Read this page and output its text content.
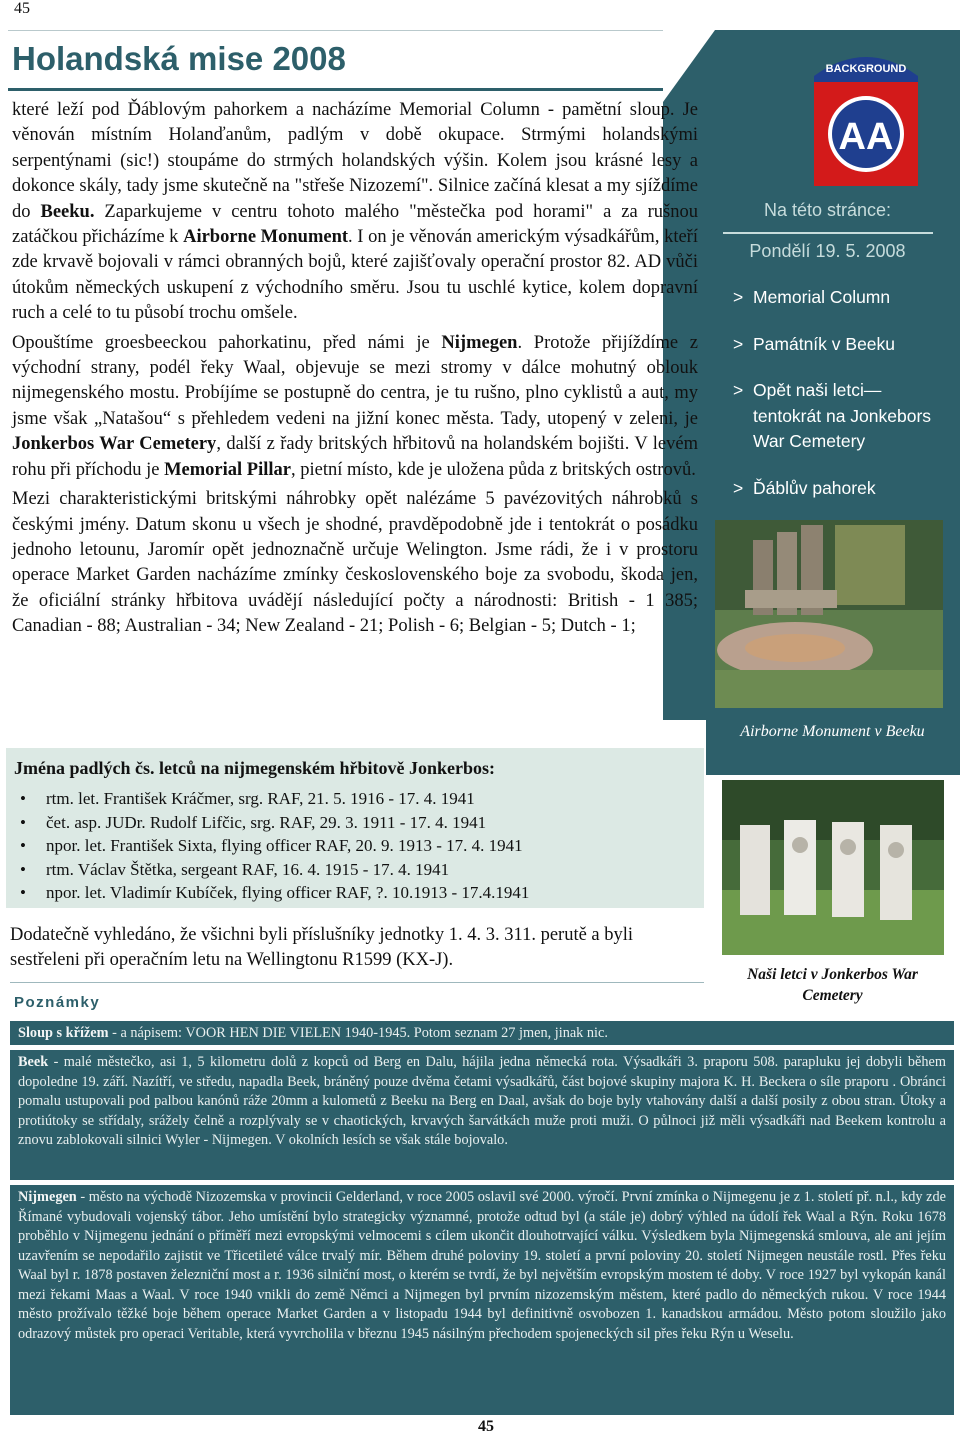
45
Holandská mise 2008	BACKGROUND
AA
Na této stránce:
Pondělí 19. 5. 2008
> Memorial Column
> Památník v Beeku
> Opět naši letci— tentokrát na Jonkebors War Cemetery
> Ďáblův pahorek
Airborne Monument v Beeku
Naši letci v Jonkerbos War Cemetery

které leží pod Ďáblovým pahorkem a nacházíme Memorial Column - pamětní sloup. Je věnován místním Holanďanům, padlým v době okupace. Strmými holandskými serpentýnami (sic!) stoupáme do strmých holandských výšin. Kolem jsou krásné lesy a dokonce skály, tady jsme skutečně na "střeše Nizozemí". Silnice začíná klesat a my sjíždíme do Beeku. Zaparkujeme v centru tohoto malého "městečka pod horami" a za rušnou zatáčkou přicházíme k Airborne Monument. I on je věnován americkým výsadkářům, kteří zde krvavě bojovali v rámci obranných bojů, které zajišťovaly operační prostor 82. AD vůči útokům německých uskupení z východního směru. Jsou tu uschlé kytice, kolem dopravní ruch a celé to tu působí trochu omšele.

Opouštíme groesbeeckou pahorkatinu, před námi je Nijmegen. Protože přijíždíme z východní strany, podél řeky Waal, objevuje se mezi stromy v dálce mohutný oblouk nijmegenského mostu. Probíjíme se postupně do centra, je tu rušno, plno cyklistů a aut, my jsme však „Natašou“ s přehledem vedeni na jižní konec města. Tady, utopený v zeleni, je Jonkerbos War Cemetery, další z řady britských hřbitovů na holandském bojišti. V levém rohu při příchodu je Memorial Pillar, pietní místo, kde je uložena půda z britských ostrovů.

Mezi charakteristickými britskými náhrobky opět nalézáme 5 pavézovitých náhrobků s českými jmény. Datum skonu u všech je shodné, pravděpodobně jde i tentokrát o posádku jednoho letounu, Jaromír opět jednoznačně určuje Welington. Jsme rádi, že i v prostoru operace Market Garden nacházíme zmínky československého boje za svobodu, škoda jen, že oficiální stránky hřbitova uvádějí následující počty a národnosti: British - 1 385; Canadian - 88; Australian - 34; New Zealand - 21; Polish - 6; Belgian - 5; Dutch - 1;

Jména padlých čs. letců na nijmegenském hřbitově Jonkerbos:
• rtm. let. František Kráčmer, srg. RAF, 21. 5. 1916 - 17. 4. 1941
• čet. asp. JUDr. Rudolf Lifčic, srg. RAF, 29. 3. 1911 - 17. 4. 1941
• npor. let. František Sixta, flying officer RAF, 20. 9. 1913 - 17. 4. 1941
• rtm. Václav Štětka, sergeant RAF, 16. 4. 1915 - 17. 4. 1941
• npor. let. Vladimír Kubíček, flying officer RAF, ?. 10.1913 - 17.4.1941
Dodatečně vyhledáno, že všichni byli příslušníky jednotky 1. 4. 3. 311. perutě a byli sestřeleni při operačním letu na Wellingtonu R1599 (KX-J).
Poznámky
Sloup s křížem - a nápisem: VOOR HEN DIE VIELEN 1940-1945. Potom seznam 27 jmen, jinak nic.
Beek - malé městečko, asi 1, 5 kilometru dolů z kopců od Berg en Dalu, hájila jedna německá rota. Výsadkáři 3. praporu 508. parapluku jej dobyli během dopoledne 19. září. Nazítří, ve středu, napadla Beek, bráněný pouze dvěma četami výsadkářů, část bojové skupiny majora K. H. Beckera o síle praporu . Obránci pomalu ustupovali pod palbou kanónů ráže 20mm a kulometů z Beeku na Berg en Daal, avšak do boje byly vtahovány další a další posily z obou stran. Útoky a protiútoky se střídaly, srážely čelně a rozplývaly se v chaotických, krvavých šarvátkách muže proti muži. O půlnoci již měli výsadkáři nad Beekem kontrolu a znovu zablokovali silnici Wyler - Nijmegen. V okolních lesích se však stále bojovalo.
Nijmegen - město na východě Nizozemska v provincii Gelderland, v roce 2005 oslavil své 2000. výročí. První zmínka o Nijmegenu je z 1. století př. n.l., kdy zde Římané vybudovali vojenský tábor. Jeho umístění bylo strategicky významné, protože odtud byl (a stále je) dobrý výhled na údolí řek Waal a Rýn. Roku 1678 proběhlo v Nijmegenu jednání o příměří mezi evropskými velmocemi s cílem ukončit dlouhotrvající válku. Výsledkem byla Nijmegenská smlouva, ale ani jejím uzavřením se nepodařilo zajistit ve Třicetileté válce trvalý mír. Během druhé poloviny 19. století a první poloviny 20. století Nijmegen neustále rostl. Přes řeku Waal byl r. 1878 postaven železniční most a r. 1936 silniční most, o kterém se tvrdí, že byl největším evropským mostem té doby. V roce 1927 byl vykopán kanál mezi řekami Maas a Waal. V roce 1940 vnikli do země Němci a Nijmegen byl prvním nizozemským městem, které padlo do německých rukou. V roce 1944 město prožívalo těžké boje během operace Market Garden a v listopadu 1944 byl definitivně osvobozen 1. kanadskou armádou. Město potom sloužilo jako odrazový můstek pro operaci Veritable, která vyvrcholila v březnu 1945 násilným přechodem spojeneckých sil přes řeku Rýn u Weselu.
45
